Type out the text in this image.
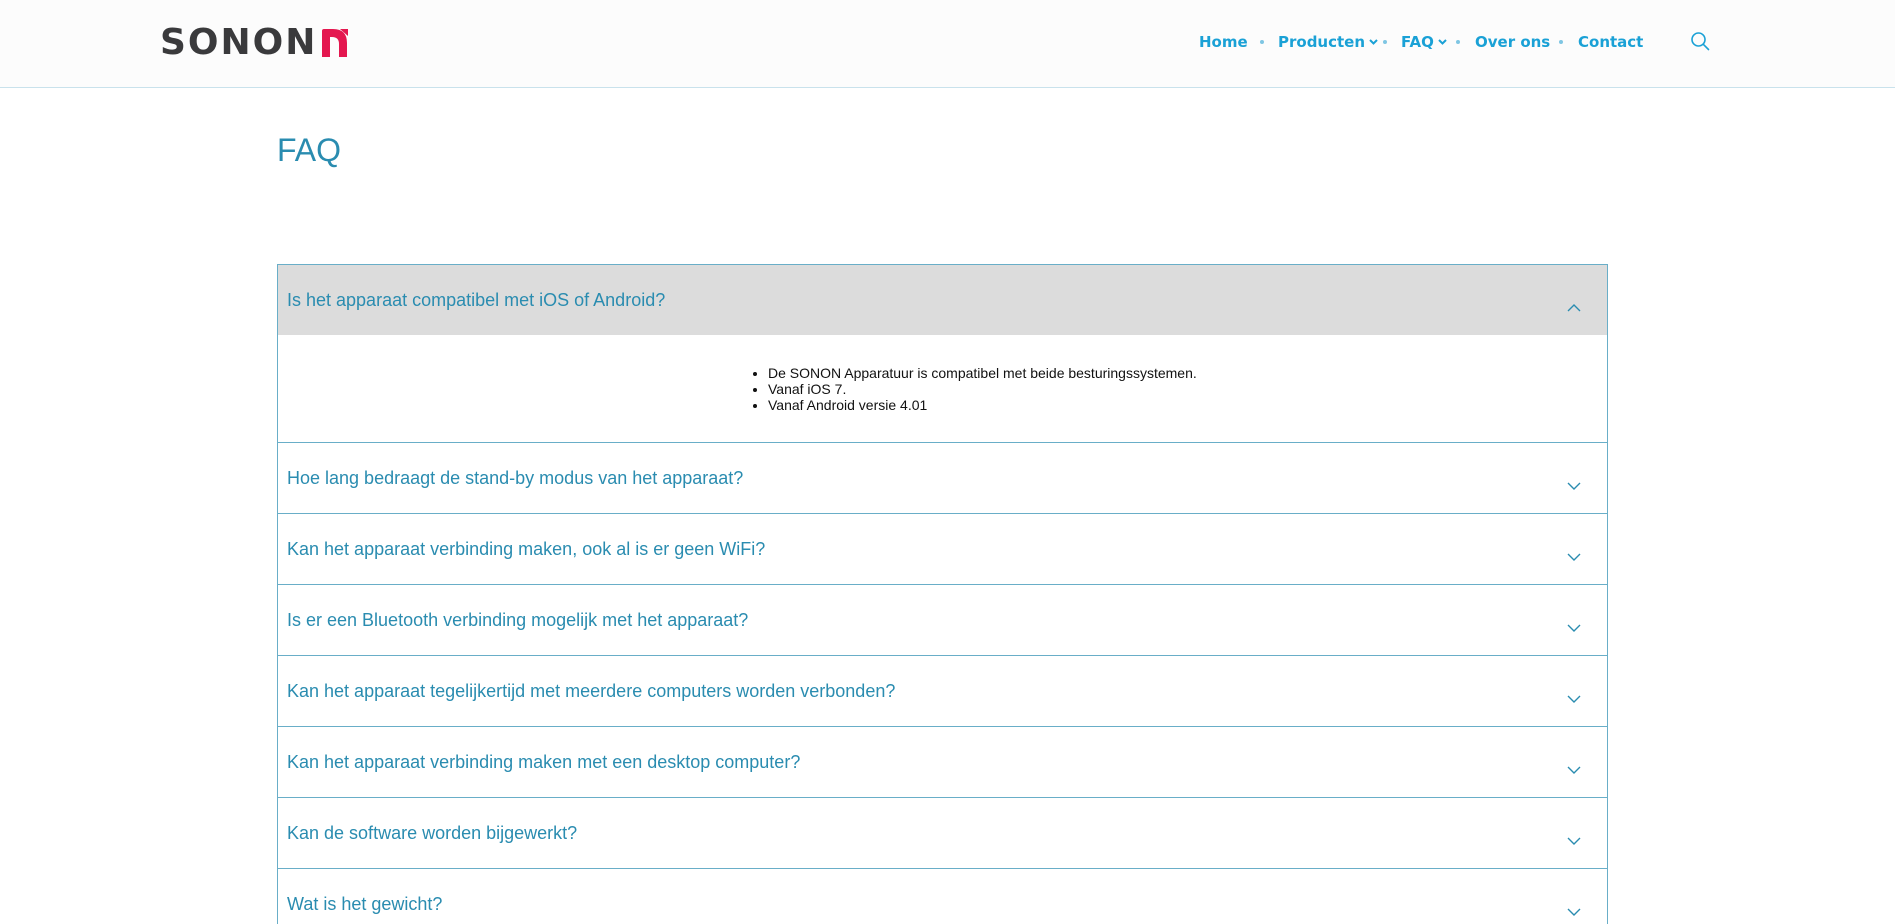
SONON	Home Producten FAQ	Over ons Contact
FAQ
Is het apparaat compatibel met iOS of Android?
• De SONON Apparatuur is compatibel met beide besturingssystemen.
• Vanaf iOS 7.
• Vanaf Android versie 4.01
Hoe lang bedraagt de stand-by modus van het apparaat?
Kan het apparaat verbinding maken, ook al is er geen WiFi?
Is er een Bluetooth verbinding mogelijk met het apparaat?
Kan het apparaat tegelijkertijd met meerdere computers worden verbonden?
Kan het apparaat verbinding maken met een desktop computer?
Kan de software worden bijgewerkt?
Wat is het gewicht?
